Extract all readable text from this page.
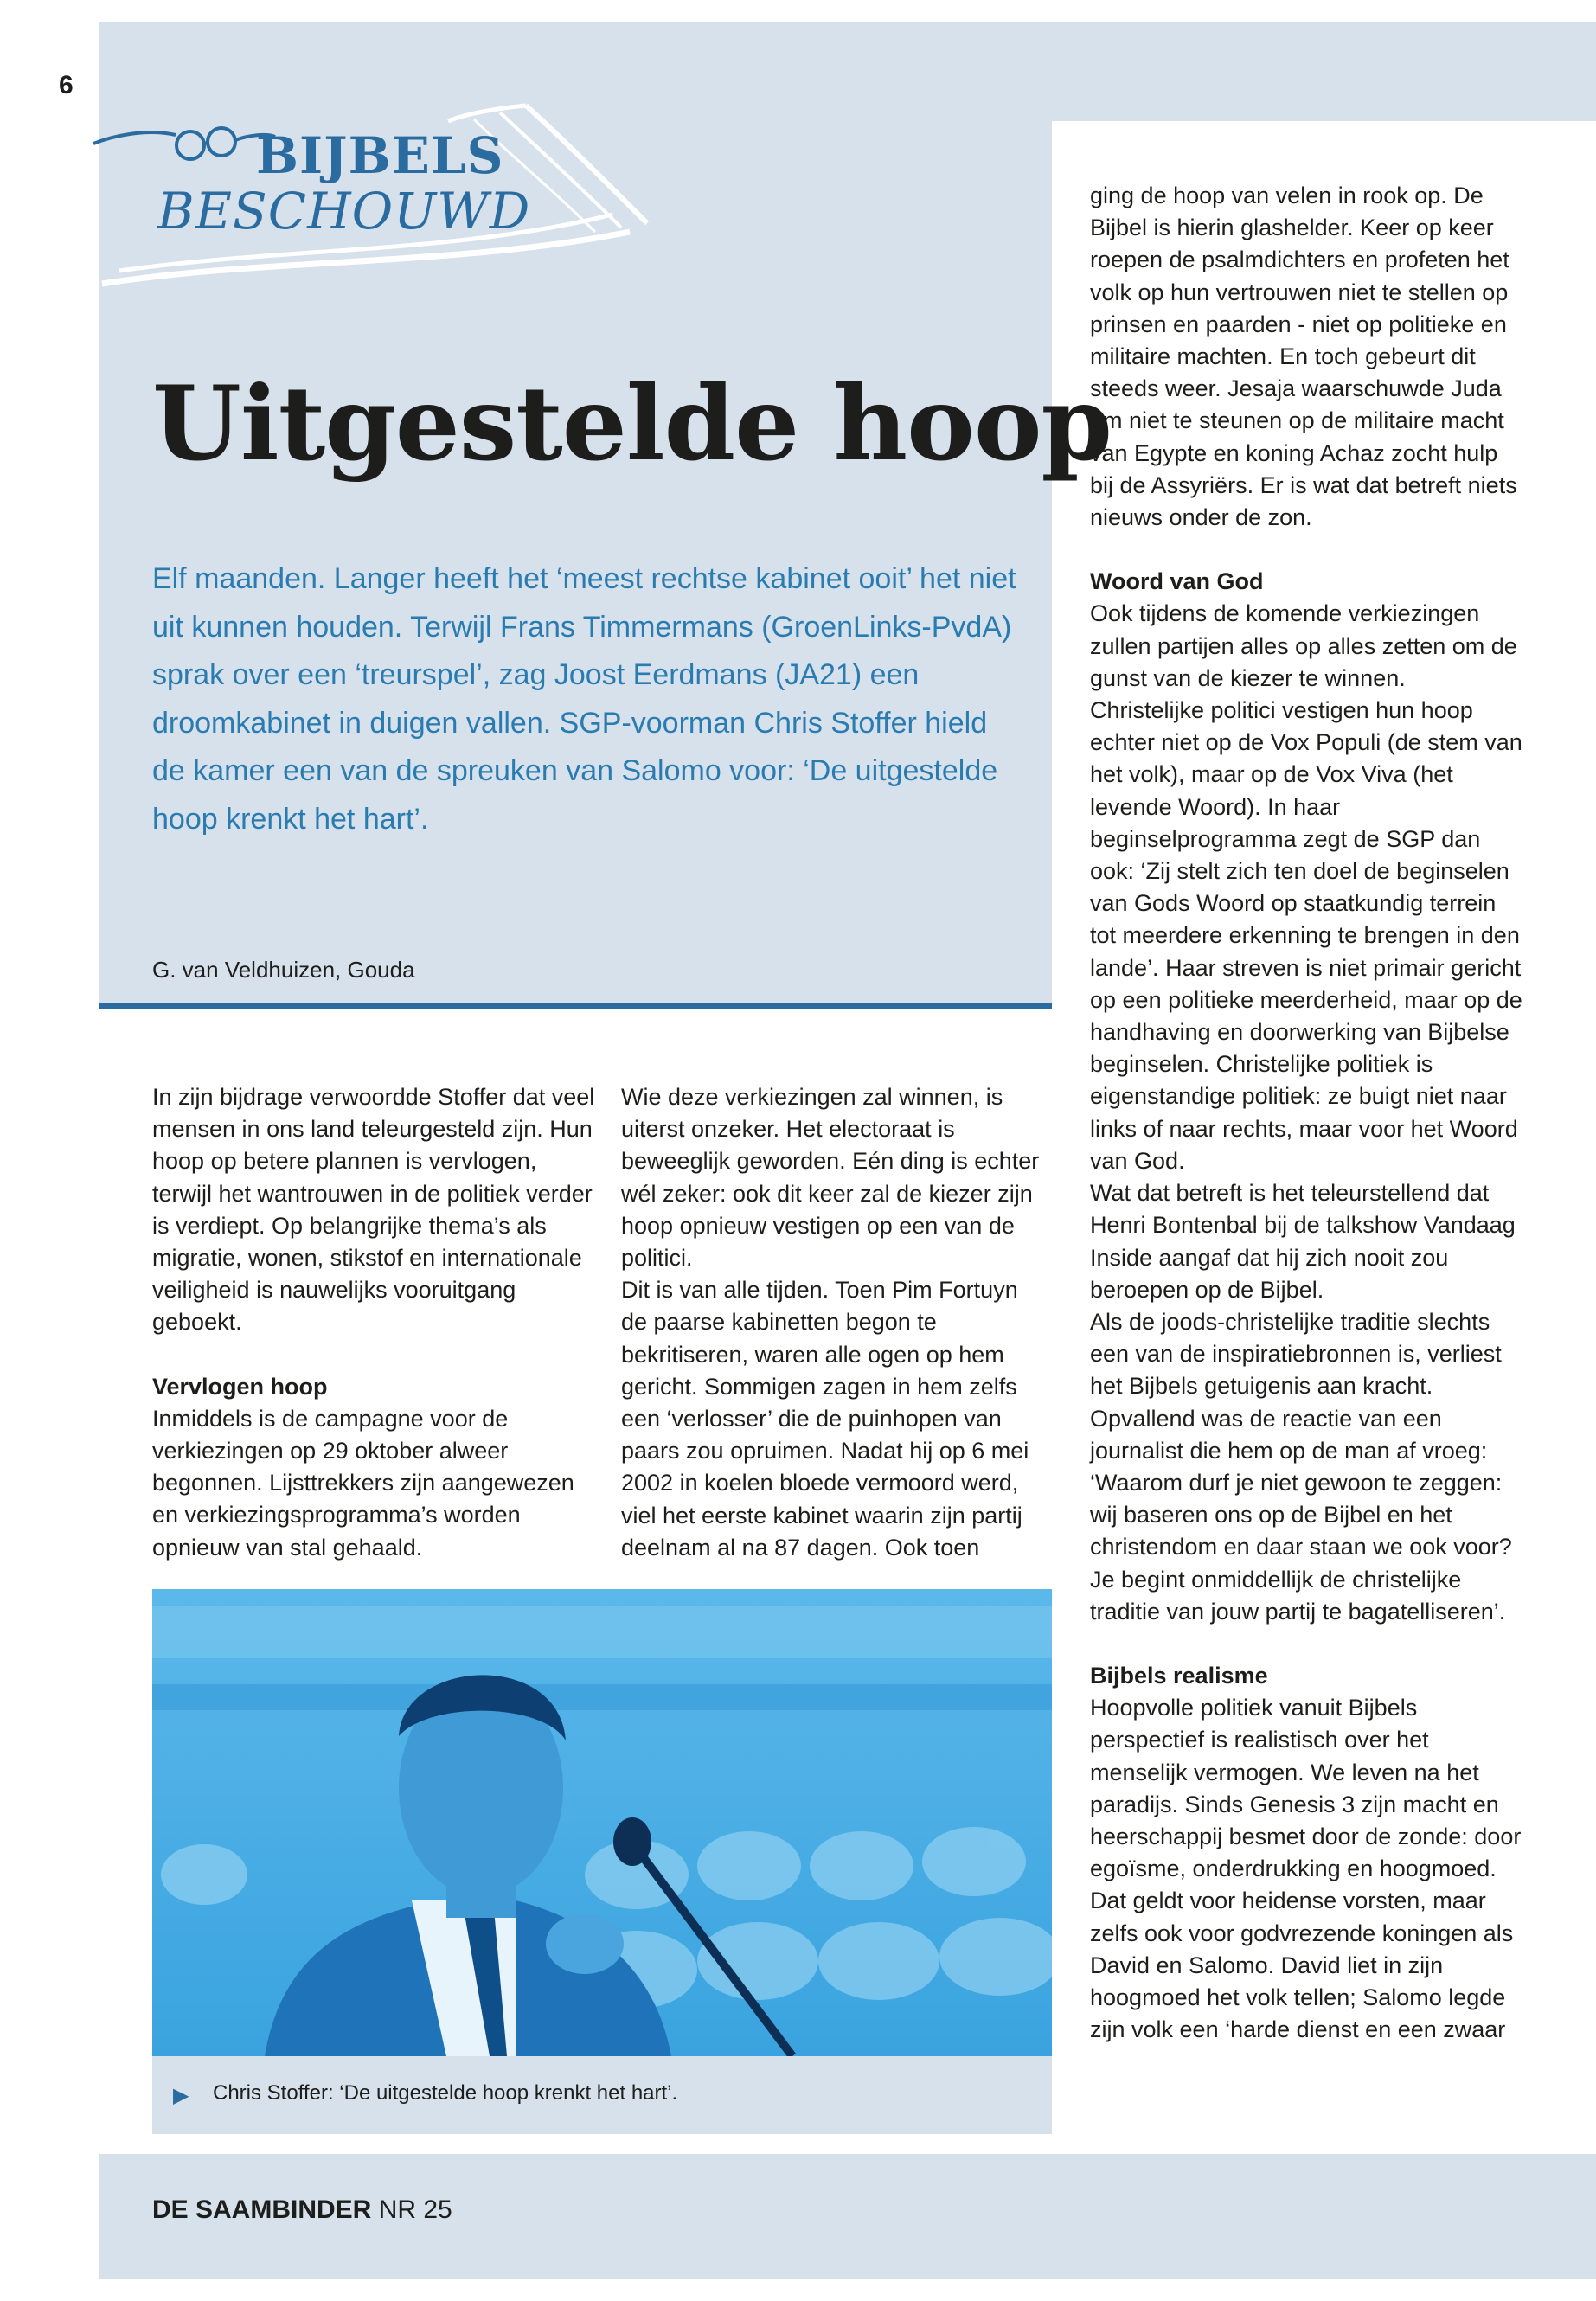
6

BIJBELS

BESCHOUWD

Uitgestelde hoop

Elf maanden. Langer heeft het ‘meest rechtse kabinet ooit’ het niet uit kunnen houden. Terwijl Frans Timmermans (GroenLinks-PvdA) sprak over een ‘treurspel’, zag Joost Eerdmans (JA21) een droomkabinet in duigen vallen. SGP-voorman Chris Stoffer hield de kamer een van de spreuken van Salomo voor: ‘De uitgestelde hoop krenkt het hart’.

G. van Veldhuizen, Gouda

In zijn bijdrage verwoordde Stoffer dat veel mensen in ons land teleurgesteld zijn. Hun hoop op betere plannen is vervlogen, terwijl het wantrouwen in de politiek verder is verdiept. Op belangrijke thema’s als migratie, wonen, stikstof en internationale veiligheid is nauwelijks vooruitgang geboekt.

Vervlogen hoop

Inmiddels is de campagne voor de verkiezingen op 29 oktober alweer begonnen. Lijsttrekkers zijn aangewezen en verkiezingsprogramma’s worden opnieuw van stal gehaald.

Wie deze verkiezingen zal winnen, is uiterst onzeker. Het electoraat is beweeglijk geworden. Eén ding is echter wél zeker: ook dit keer zal de kiezer zijn hoop opnieuw vestigen op een van de politici.

Dit is van alle tijden. Toen Pim Fortuyn de paarse kabinetten begon te bekritiseren, waren alle ogen op hem gericht. Sommigen zagen in hem zelfs een ‘verlosser’ die de puinhopen van paars zou opruimen. Nadat hij op 6 mei 2002 in koelen bloede vermoord werd, viel het eerste kabinet waarin zijn partij deelnam al na 87 dagen. Ook toen

ging de hoop van velen in rook op. De Bijbel is hierin glashelder. Keer op keer roepen de psalmdichters en profeten het volk op hun vertrouwen niet te stellen op prinsen en paarden - niet op politieke en militaire machten. En toch gebeurt dit steeds weer. Jesaja waarschuwde Juda om niet te steunen op de militaire macht van Egypte en koning Achaz zocht hulp bij de Assyriërs. Er is wat dat betreft niets nieuws onder de zon.

Woord van God

Ook tijdens de komende verkiezingen zullen partijen alles op alles zetten om de gunst van de kiezer te winnen. Christelijke politici vestigen hun hoop echter niet op de Vox Populi (de stem van het volk), maar op de Vox Viva (het levende Woord). In haar beginselprogramma zegt de SGP dan ook: ‘Zij stelt zich ten doel de beginselen van Gods Woord op staatkundig terrein tot meerdere erkenning te brengen in den lande’. Haar streven is niet primair gericht op een politieke meerderheid, maar op de handhaving en doorwerking van Bijbelse beginselen. Christelijke politiek is eigenstandige politiek: ze buigt niet naar links of naar rechts, maar voor het Woord van God.

Wat dat betreft is het teleurstellend dat Henri Bontenbal bij de talkshow Vandaag Inside aangaf dat hij zich nooit zou beroepen op de Bijbel.

Als de joods-christelijke traditie slechts een van de inspiratiebronnen is, verliest het Bijbels getuigenis aan kracht. Opvallend was de reactie van een journalist die hem op de man af vroeg: ‘Waarom durf je niet gewoon te zeggen: wij baseren ons op de Bijbel en het christendom en daar staan we ook voor? Je begint onmiddellijk de christelijke traditie van jouw partij te bagatelliseren’.

Bijbels realisme

Hoopvolle politiek vanuit Bijbels perspectief is realistisch over het menselijk vermogen. We leven na het paradijs. Sinds Genesis 3 zijn macht en heerschappij besmet door de zonde: door egoïsme, onderdrukking en hoogmoed. Dat geldt voor heidense vorsten, maar zelfs ook voor godvrezende koningen als David en Salomo. David liet in zijn hoogmoed het volk tellen; Salomo legde zijn volk een ‘harde dienst en een zwaar

▶ Chris Stoffer: ‘De uitgestelde hoop krenkt het hart’.

DE SAAMBINDER NR 25
